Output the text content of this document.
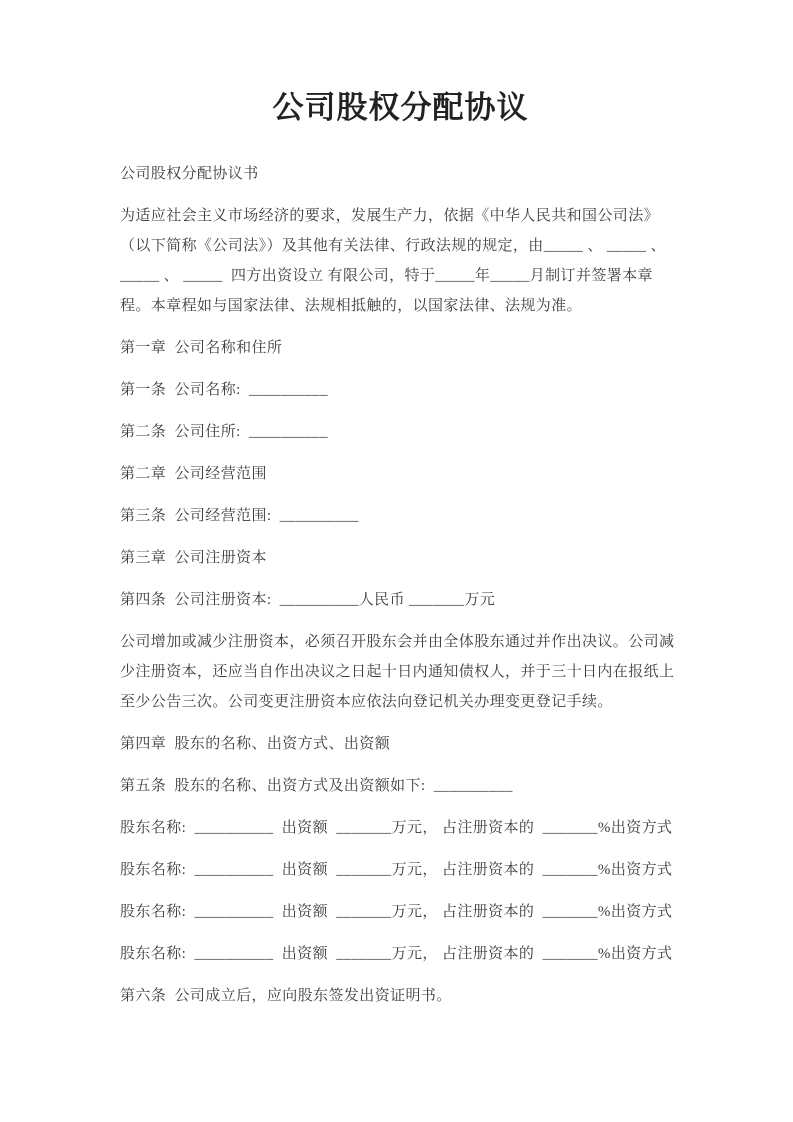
公司股权分配协议

公司股权分配协议书

为适应社会主义市场经济的要求，发展生产力，依据《中华人民共和国公司法》（以下简称《公司法》）及其他有关法律、行政法规的规定，由_____ 、 _____ 、 _____ 、 _____  四方出资设立 有限公司，特于_____年_____月制订并签署本章程。本章程如与国家法律、法规相抵触的，以国家法律、法规为准。

第一章  公司名称和住所

第一条  公司名称:  __________

第二条  公司住所:  __________

第二章  公司经营范围

第三条  公司经营范围:  __________

第三章  公司注册资本

第四条  公司注册资本:  __________人民币 _______万元

公司增加或减少注册资本，必须召开股东会并由全体股东通过并作出决议。公司减少注册资本，还应当自作出决议之日起十日内通知债权人，并于三十日内在报纸上至少公告三次。公司变更注册资本应依法向登记机关办理变更登记手续。

第四章  股东的名称、出资方式、出资额

第五条  股东的名称、出资方式及出资额如下:  __________

股东名称:  __________  出资额  _______万元， 占注册资本的  _______%出资方式

股东名称:  __________  出资额  _______万元， 占注册资本的  _______%出资方式

股东名称:  __________  出资额  _______万元， 占注册资本的  _______%出资方式

股东名称:  __________  出资额  _______万元， 占注册资本的  _______%出资方式

第六条  公司成立后，应向股东签发出资证明书。
